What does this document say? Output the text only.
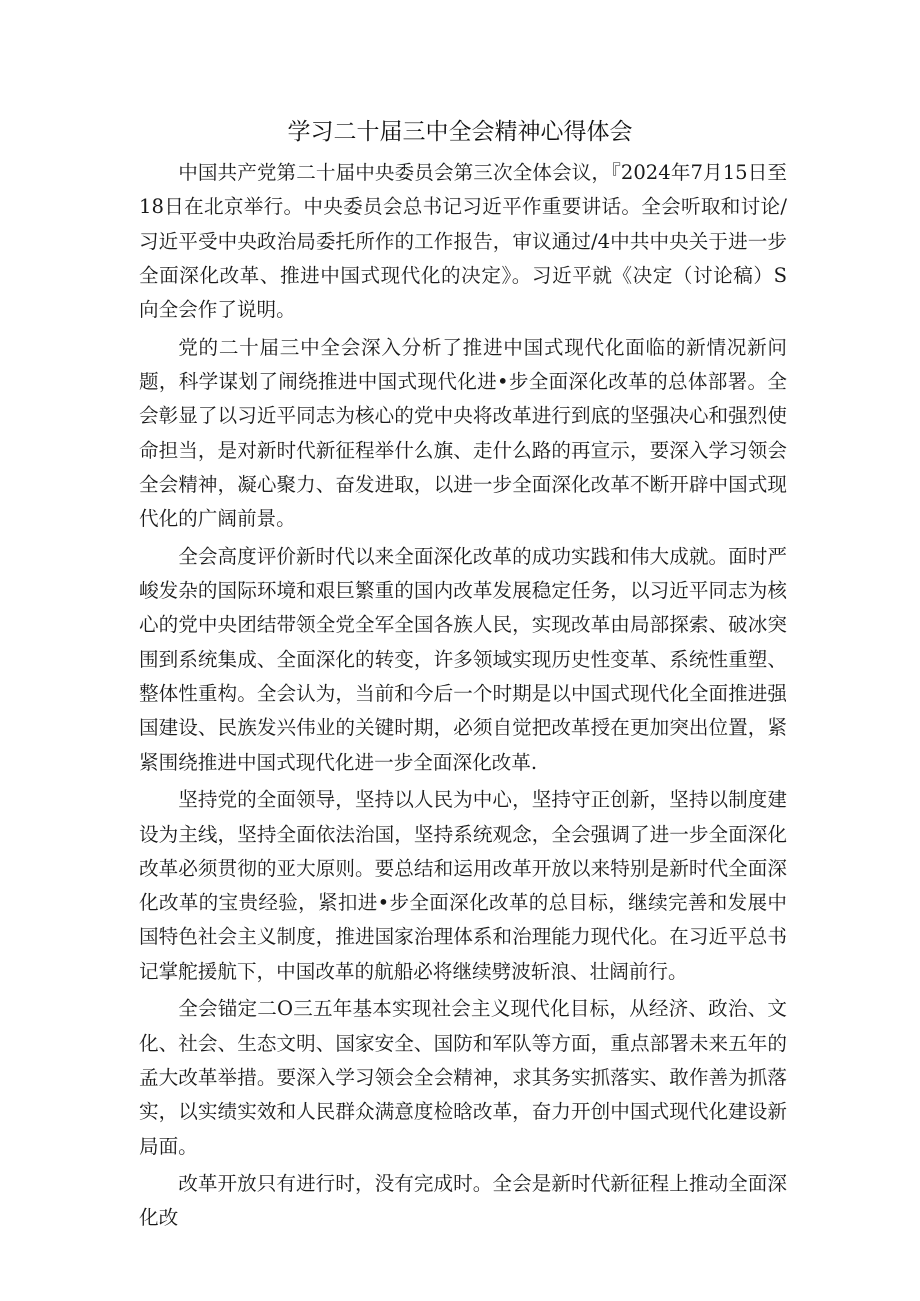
学习二十届三中全会精神心得体会

中国共产党第二十届中央委员会第三次全体会议，『2024年7月15日至18日在北京举行。中央委员会总书记习近平作重要讲话。全会听取和讨论/习近平受中央政治局委托所作的工作报告，审议通过/4中共中央关于进一步全面深化改革、推进中国式现代化的决定》。习近平就《决定（讨论稿）S向全会作了说明。

党的二十届三中全会深入分析了推进中国式现代化面临的新情况新问题，科学谋划了闹绕推进中国式现代化进•步全面深化改革的总体部署。全会彰显了以习近平同志为核心的党中央将改革进行到底的坚强决心和强烈使命担当，是对新时代新征程举什么旗、走什么路的再宣示，要深入学习领会全会精神，凝心聚力、奋发进取，以进一步全面深化改革不断开辟中国式现代化的广阔前景。

全会高度评价新时代以来全面深化改革的成功实践和伟大成就。面时严峻发杂的国际环境和艰巨繁重的国内改革发展稳定任务，以习近平同志为核心的党中央团结带领全党全军全国各族人民，实现改革由局部探索、破冰突围到系统集成、全面深化的转变，许多领域实现历史性变革、系统性重塑、整体性重构。全会认为，当前和今后一个时期是以中国式现代化全面推进强国建设、民族发兴伟业的关键时期，必须自觉把改革授在更加突出位置，紧紧围绕推进中国式现代化进一步全面深化改革.

坚持党的全面领导，坚持以人民为中心，坚持守正创新，坚持以制度建设为主线，坚持全面依法治国，坚持系统观念，全会强调了进一步全面深化改革必须贯彻的亚大原则。要总结和运用改革开放以来特别是新时代全面深化改革的宝贵经验，紧扣进•步全面深化改革的总目标，继续完善和发展中国特色社会主义制度，推进国家治理体系和治理能力现代化。在习近平总书记掌舵援航下，中国改革的航船必将继续劈波斩浪、壮阔前行。

全会锚定二O三五年基本实现社会主义现代化目标，从经济、政治、文化、社会、生态文明、国家安全、国防和军队等方面，重点部署未来五年的孟大改革举措。要深入学习领会全会精神，求其务实抓落实、敢作善为抓落实，以实绩实效和人民群众满意度检晗改革，奋力开创中国式现代化建设新局面。

改革开放只有进行时，没有完成时。全会是新时代新征程上推动全面深化改
